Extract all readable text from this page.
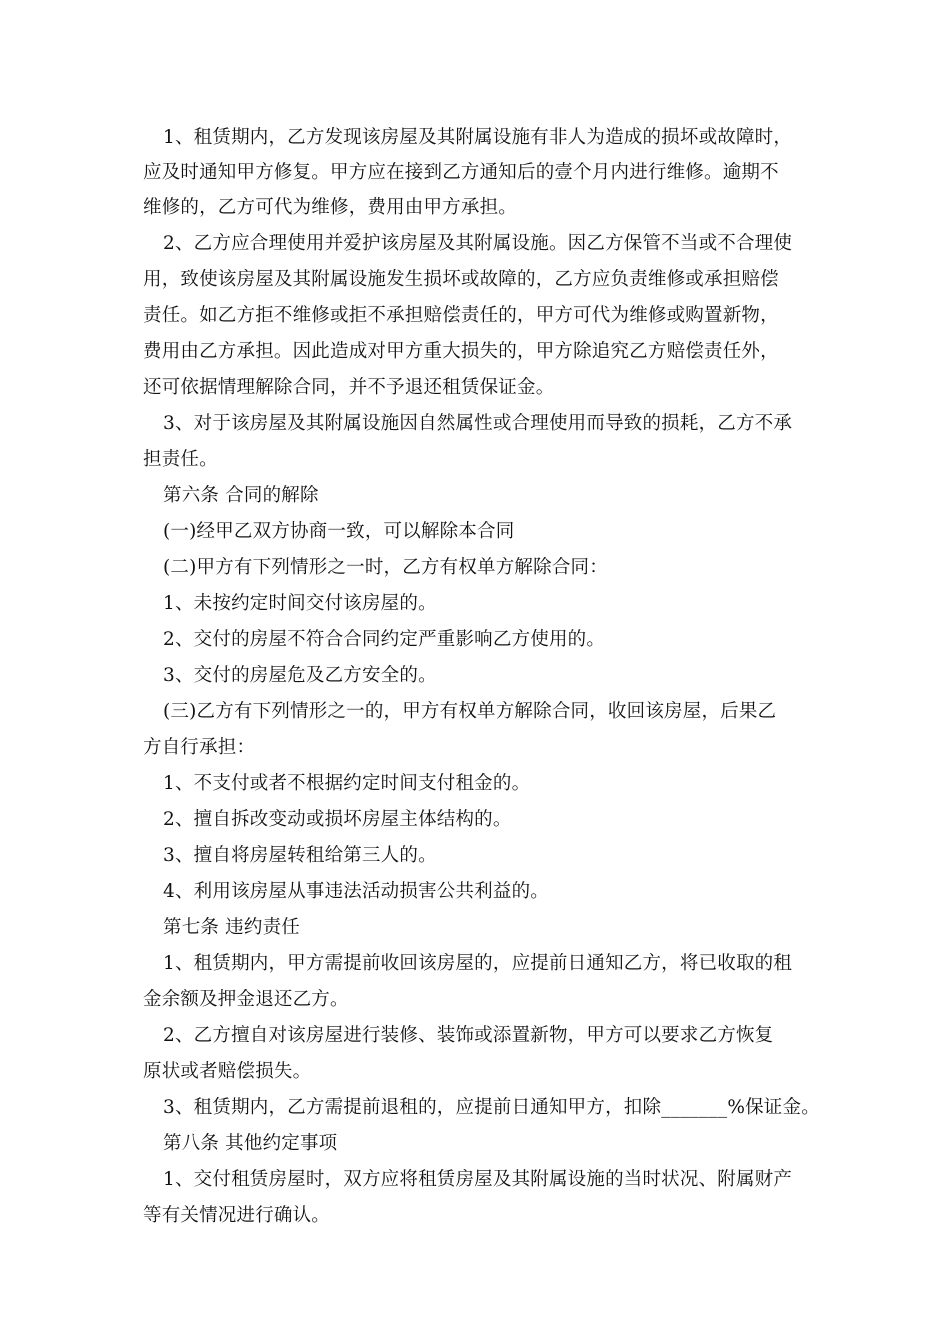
1、租赁期内，乙方发现该房屋及其附属设施有非人为造成的损坏或故障时，
应及时通知甲方修复。甲方应在接到乙方通知后的壹个月内进行维修。逾期不
维修的，乙方可代为维修，费用由甲方承担。
2、乙方应合理使用并爱护该房屋及其附属设施。因乙方保管不当或不合理使
用，致使该房屋及其附属设施发生损坏或故障的，乙方应负责维修或承担赔偿
责任。如乙方拒不维修或拒不承担赔偿责任的，甲方可代为维修或购置新物，
费用由乙方承担。因此造成对甲方重大损失的，甲方除追究乙方赔偿责任外，
还可依据情理解除合同，并不予退还租赁保证金。
3、对于该房屋及其附属设施因自然属性或合理使用而导致的损耗，乙方不承
担责任。
第六条 合同的解除
(一)经甲乙双方协商一致，可以解除本合同
(二)甲方有下列情形之一时，乙方有权单方解除合同：
1、未按约定时间交付该房屋的。
2、交付的房屋不符合合同约定严重影响乙方使用的。
3、交付的房屋危及乙方安全的。
(三)乙方有下列情形之一的，甲方有权单方解除合同，收回该房屋，后果乙
方自行承担：
1、不支付或者不根据约定时间支付租金的。
2、擅自拆改变动或损坏房屋主体结构的。
3、擅自将房屋转租给第三人的。
4、利用该房屋从事违法活动损害公共利益的。
第七条 违约责任
1、租赁期内，甲方需提前收回该房屋的，应提前日通知乙方，将已收取的租
金余额及押金退还乙方。
2、乙方擅自对该房屋进行装修、装饰或添置新物，甲方可以要求乙方恢复
原状或者赔偿损失。
3、租赁期内，乙方需提前退租的，应提前日通知甲方，扣除_______%保证金。
第八条 其他约定事项
1、交付租赁房屋时，双方应将租赁房屋及其附属设施的当时状况、附属财产
等有关情况进行确认。
